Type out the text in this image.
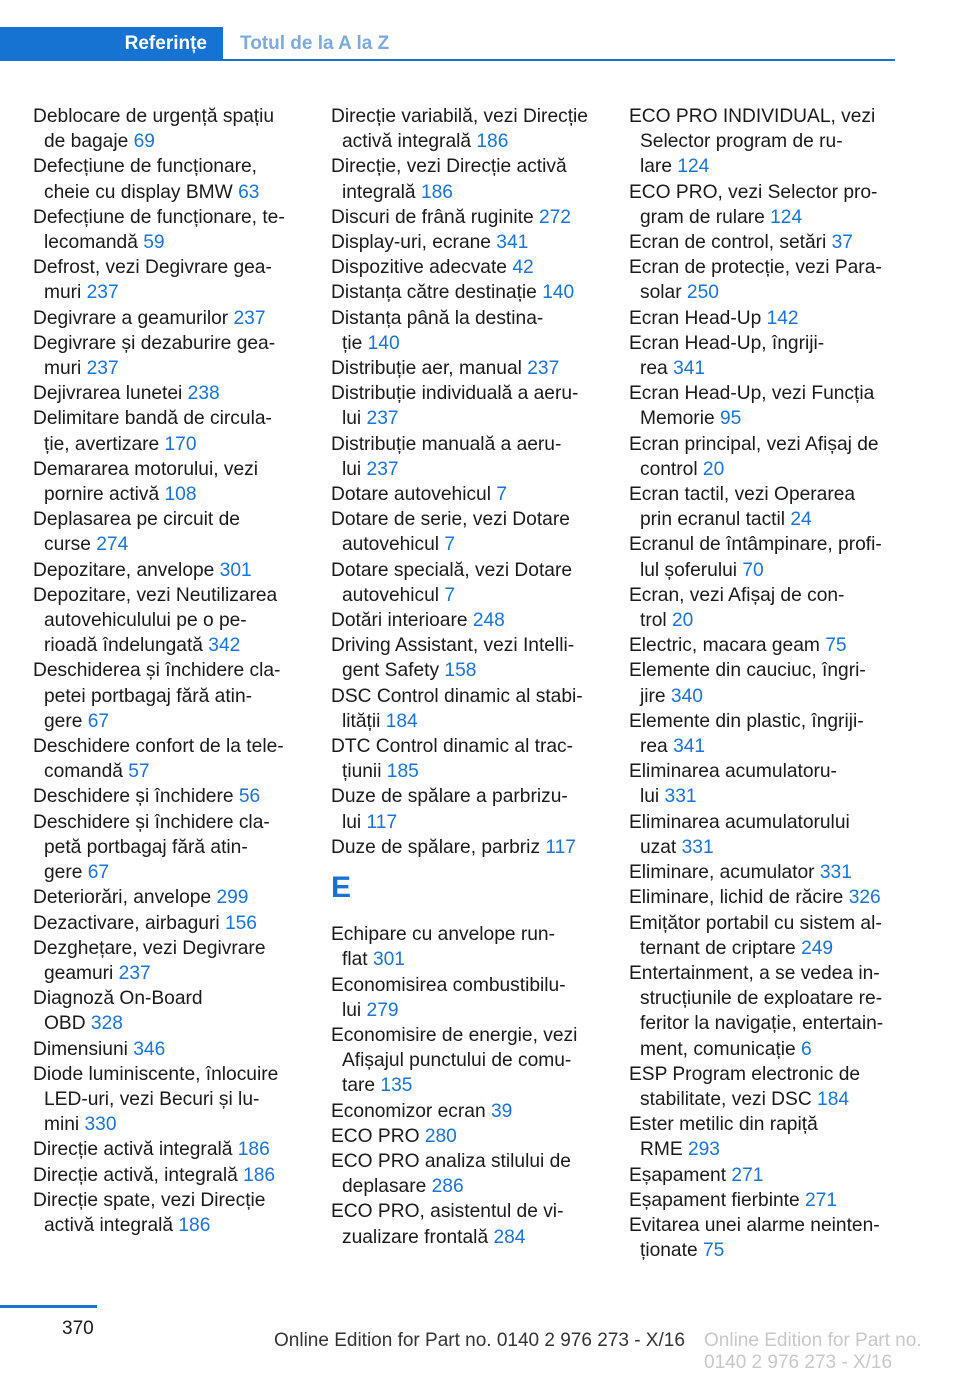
Referințe	Totul de la A la Z

Deblocare de urgență spațiu
de bagaje 69

Defecțiune de funcționare,
cheie cu display BMW 63

Defecțiune de funcționare, te‐
lecomandă 59

Defrost, vezi Degivrare gea‐
muri 237

Degivrare a geamurilor 237

Degivrare și dezaburire gea‐
muri 237

Dejivrarea lunetei 238

Delimitare bandă de circula‐
ție, avertizare 170

Demararea motorului, vezi
pornire activă 108

Deplasarea pe circuit de
curse 274

Depozitare, anvelope 301

Depozitare, vezi Neutilizarea
autovehiculului pe o pe‐
rioadă îndelungată 342

Deschiderea și închidere cla‐
petei portbagaj fără atin‐
gere 67

Deschidere confort de la tele‐
comandă 57

Deschidere și închidere 56

Deschidere și închidere cla‐
petă portbagaj fără atin‐
gere 67

Deteriorări, anvelope 299

Dezactivare, airbaguri 156

Dezghețare, vezi Degivrare
geamuri 237

Diagnoză On-Board
OBD 328

Dimensiuni 346

Diode luminiscente, înlocuire
LED-uri, vezi Becuri și lu‐
mini 330

Direcție activă integrală 186

Direcție activă, integrală 186

Direcție spate, vezi Direcție
activă integrală 186

Direcție variabilă, vezi Direcție
activă integrală 186

Direcție, vezi Direcție activă
integrală 186

Discuri de frână ruginite 272

Display-uri, ecrane 341

Dispozitive adecvate 42

Distanța către destinație 140

Distanța până la destina‐
ție 140

Distribuție aer, manual 237

Distribuție individuală a aeru‐
lui 237

Distribuție manuală a aeru‐
lui 237

Dotare autovehicul 7

Dotare de serie, vezi Dotare
autovehicul 7

Dotare specială, vezi Dotare
autovehicul 7

Dotări interioare 248

Driving Assistant, vezi Intelli‐
gent Safety 158

DSC Control dinamic al stabi‐
lității 184

DTC Control dinamic al trac‐
țiunii 185

Duze de spălare a parbrizu‐
lui 117

Duze de spălare, parbriz 117

E

Echipare cu anvelope run-
flat 301

Economisirea combustibilu‐
lui 279

Economisire de energie, vezi
Afișajul punctului de comu‐
tare 135

Economizor ecran 39

ECO PRO 280

ECO PRO analiza stilului de
deplasare 286

ECO PRO, asistentul de vi‐
zualizare frontală 284

ECO PRO INDIVIDUAL, vezi
Selector program de ru‐
lare 124

ECO PRO, vezi Selector pro‐
gram de rulare 124

Ecran de control, setări 37

Ecran de protecție, vezi Para‐
solar 250

Ecran Head-Up 142

Ecran Head-Up, îngriji‐
rea 341

Ecran Head-Up, vezi Funcția
Memorie 95

Ecran principal, vezi Afișaj de
control 20

Ecran tactil, vezi Operarea
prin ecranul tactil 24

Ecranul de întâmpinare, profi‐
lul șoferului 70

Ecran, vezi Afișaj de con‐
trol 20

Electric, macara geam 75

Elemente din cauciuc, îngri‐
jire 340

Elemente din plastic, îngriji‐
rea 341

Eliminarea acumulatoru‐
lui 331

Eliminarea acumulatorului
uzat 331

Eliminare, acumulator 331

Eliminare, lichid de răcire 326

Emițător portabil cu sistem al‐
ternant de criptare 249

Entertainment, a se vedea in‐
strucțiunile de exploatare re‐
feritor la navigație, entertain‐
ment, comunicație 6

ESP Program electronic de
stabilitate, vezi DSC 184

Ester metilic din rapiță
RME 293

Eșapament 271

Eșapament fierbinte 271

Evitarea unei alarme neinten‐
ționate 75

370
Online Edition for Part no. 0140 2 976 273 - X/16 Online Edition for Part no. 0140 2 976 273 - X/16
